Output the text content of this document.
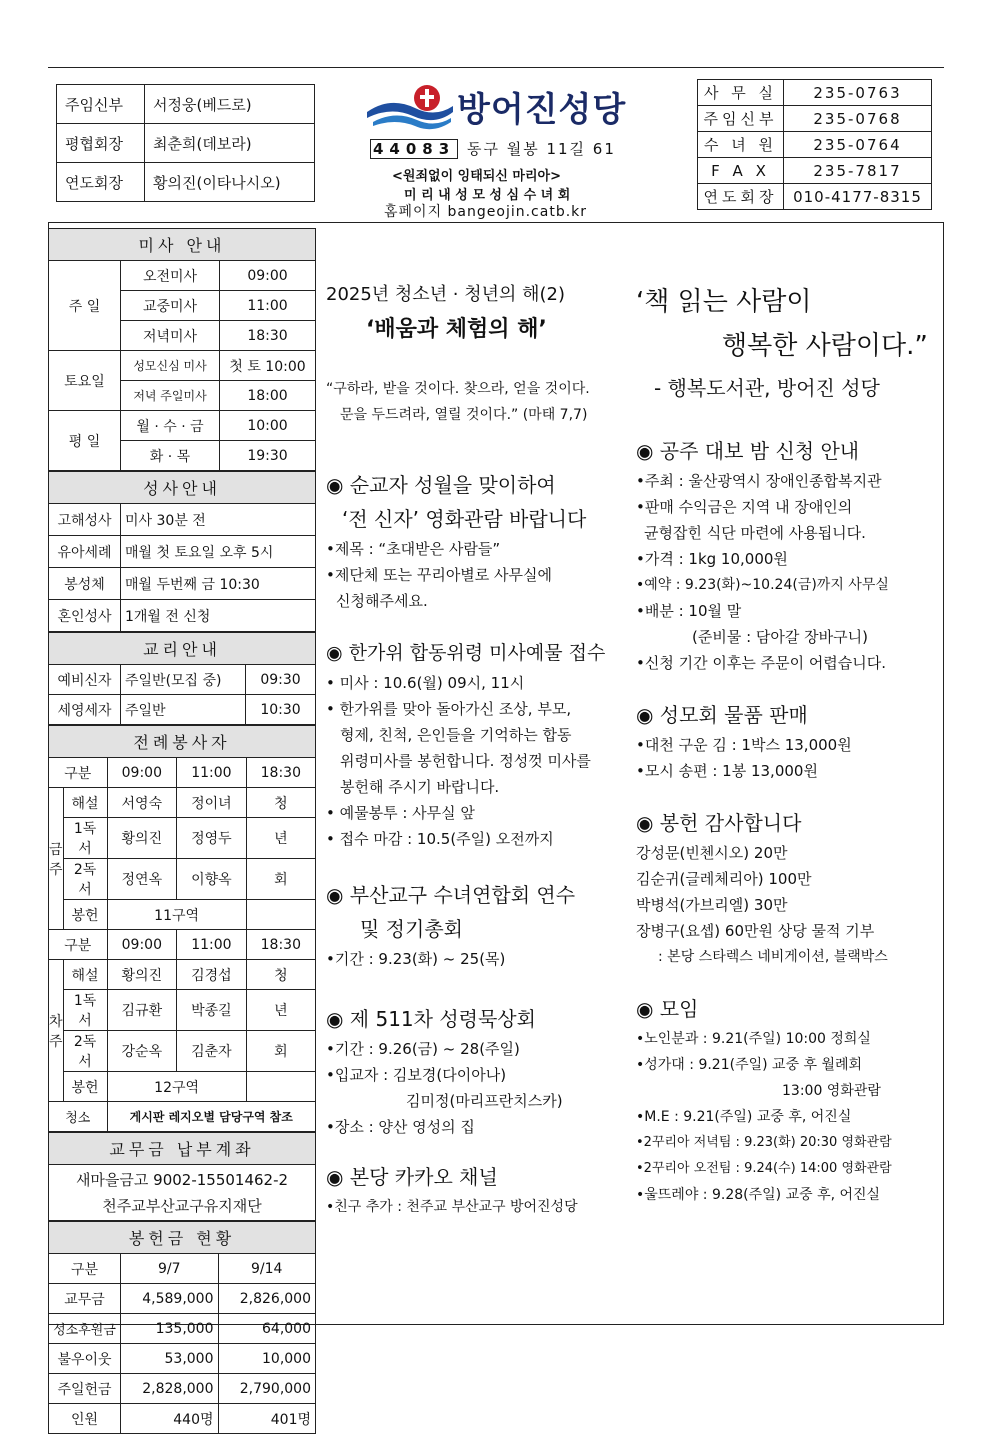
주임신부	서정웅(베드로)
평협회장	최춘희(데보라)
연도회장	황의진(이타나시오)
방어진성당
44083 동구 월봉 11길 61
<원죄없이 잉태되신 마리아>
미 리 내 성 모 성 심 수 녀 회
홈페이지 bangeojin.catb.kr
사 무 실	235-0763
주임신부	235-0768
수 녀 원	235-0764
F A X	235-7817
연도회장	010-4177-8315
미사 안내		
주 일	오전미사	09:00
	교중미사	11:00
	저녁미사	18:30
토요일	성모신심 미사	첫 토 10:00
	저녁 주일미사	18:00
평 일	월 · 수 · 금	10:00
	화 · 목	19:30
성사안내	
고해성사	미사 30분 전
유아세례	매월 첫 토요일 오후 5시
봉성체	매월 두번째 금 10:30
혼인성사	1개월 전 신청
교리안내		
예비신자	주일반(모집 중)	09:30
세영세자	주일반	10:30
전례봉사자				
구분		09:00	11:00	18:30
금
주	해설	서영숙	정이녀	청
	1독서	황의진	정영두	년
	2독서	정연옥	이향옥	회
	봉헌	11구역		
구분		09:00	11:00	18:30
차
주	해설	황의진	김경섭	청
	1독서	김규환	박종길	년
	2독서	강순옥	김춘자	회
	봉헌	12구역		
청소		게시판 레지오별 담당구역 참조		
교무금 납부계좌
새마을금고 9002-15501462-2
천주교부산교구유지재단
봉헌금 현황		
구분	9/7	9/14
교무금	4,589,000	2,826,000
성소후원금	135,000	64,000
불우이웃	53,000	10,000
주일헌금	2,828,000	2,790,000
인원	440명	401명
2025년 청소년 · 청년의 해(2)
‘배움과 체험의 해’

“구하라, 받을 것이다. 찾으라, 얻을 것이다.

문을 두드려라, 열릴 것이다.” (마태 7,7)

◉ 순교자 성월을 맞이하여
‘전 신자’ 영화관람 바랍니다

•제목 : “초대받은 사람들”

•제단체 또는 꾸리아별로 사무실에

신청해주세요.

◉ 한가위 합동위령 미사예물 접수

• 미사 : 10.6(월) 09시, 11시

• 한가위를 맞아 돌아가신 조상, 부모,

형제, 친척, 은인들을 기억하는 합동

위령미사를 봉헌합니다. 정성껏 미사를

봉헌해 주시기 바랍니다.

• 예물봉투 : 사무실 앞

• 접수 마감 : 10.5(주일) 오전까지

◉ 부산교구 수녀연합회 연수
및 정기총회

•기간 : 9.23(화) ~ 25(목)

◉ 제 511차 성령묵상회

•기간 : 9.26(금) ~ 28(주일)

•입교자 : 김보경(다이아나)

김미정(마리프란치스카)

•장소 : 양산 영성의 집

◉ 본당 카카오 채널

•친구 추가 : 천주교 부산교구 방어진성당

‘책 읽는 사람이
행복한 사람이다.”
- 행복도서관, 방어진 성당
◉ 공주 대보 밤 신청 안내

•주최 : 울산광역시 장애인종합복지관

•판매 수익금은 지역 내 장애인의

균형잡힌 식단 마련에 사용됩니다.

•가격 : 1kg 10,000원

•예약 : 9.23(화)~10.24(금)까지 사무실

•배분 : 10월 말

(준비물 : 담아갈 장바구니)

•신청 기간 이후는 주문이 어렵습니다.

◉ 성모회 물품 판매

•대천 구운 김 : 1박스 13,000원

•모시 송편 : 1봉 13,000원

◉ 봉헌 감사합니다

강성문(빈첸시오) 20만

김순귀(글레체리아) 100만

박병석(가브리엘) 30만

장병구(요셉) 60만원 상당 물적 기부

: 본당 스타렉스 네비게이션, 블랙박스

◉ 모임

•노인분과 : 9.21(주일) 10:00 정희실

•성가대 : 9.21(주일) 교중 후 월례회

13:00 영화관람

•M.E : 9.21(주일) 교중 후, 어진실

•2꾸리아 저녁팀 : 9.23(화) 20:30 영화관람

•2꾸리아 오전팀 : 9.24(수) 14:00 영화관람

•울뜨레야 : 9.28(주일) 교중 후, 어진실
